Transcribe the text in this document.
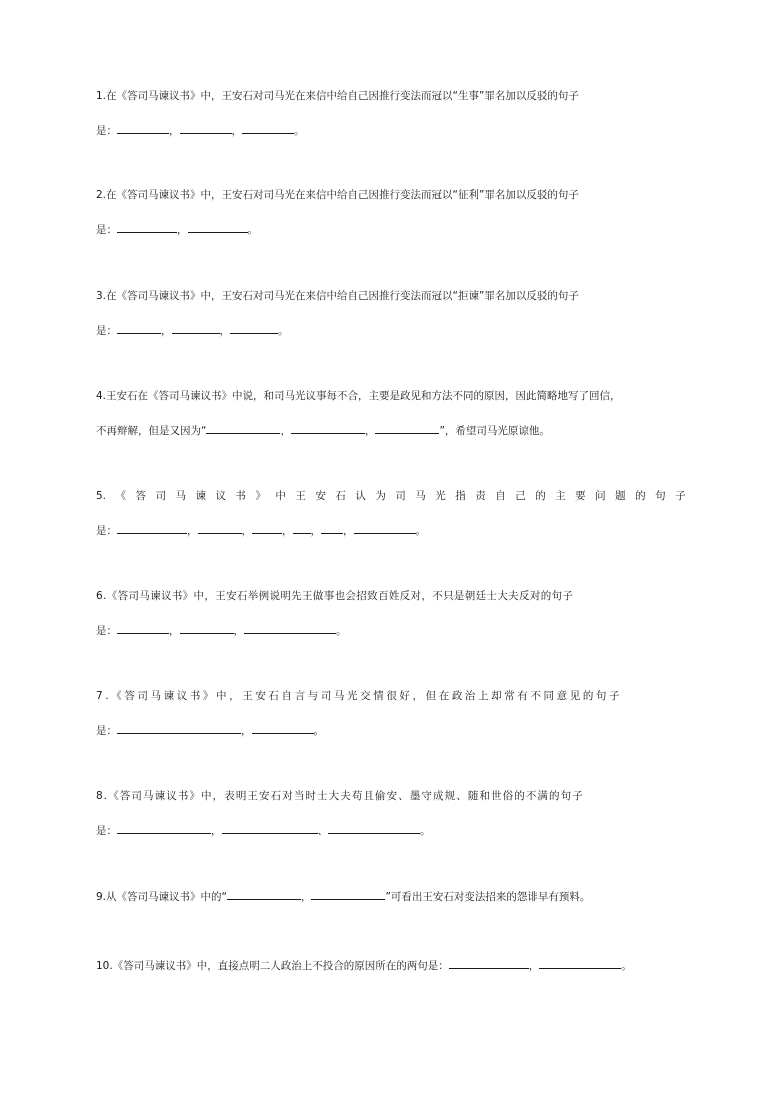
1.在《答司马谏议书》中，王安石对司马光在来信中给自己因推行变法而冠以“生事”罪名加以反驳的句子
是：	，	，	。
2.在《答司马谏议书》中，王安石对司马光在来信中给自己因推行变法而冠以“征利”罪名加以反驳的句子
是：	，	。
3.在《答司马谏议书》中，王安石对司马光在来信中给自己因推行变法而冠以“拒谏”罪名加以反驳的句子
是：	，	，	。
4.王安石在《答司马谏议书》中说，和司马光议事每不合，主要是政见和方法不同的原因，因此简略地写了回信，
不再辩解，但是又因为“	，	，	”，希望司马光原谅他。
5. 《 答 司 马 谏 议 书 》 中 王 安 石 认 为 司 马 光 指 责 自 己 的 主 要 问 题 的 句 子
是：	，	，	， ， ，	。
6.《答司马谏议书》中，王安石举例说明先王做事也会招致百姓反对，不只是朝廷士大夫反对的句子
是：	，	，	。
7.《答司马谏议书》中，王安石自言与司马光交情很好，但在政治上却常有不同意见的句子
是：	，	。
8.《答司马谏议书》中，表明王安石对当时士大夫苟且偷安、墨守成规、随和世俗的不满的句子
是：	，	、	。
9.从《答司马谏议书》中的“	，	”可看出王安石对变法招来的怨诽早有预料。
10.《答司马谏议书》中，直接点明二人政治上不投合的原因所在的两句是：	，	。
